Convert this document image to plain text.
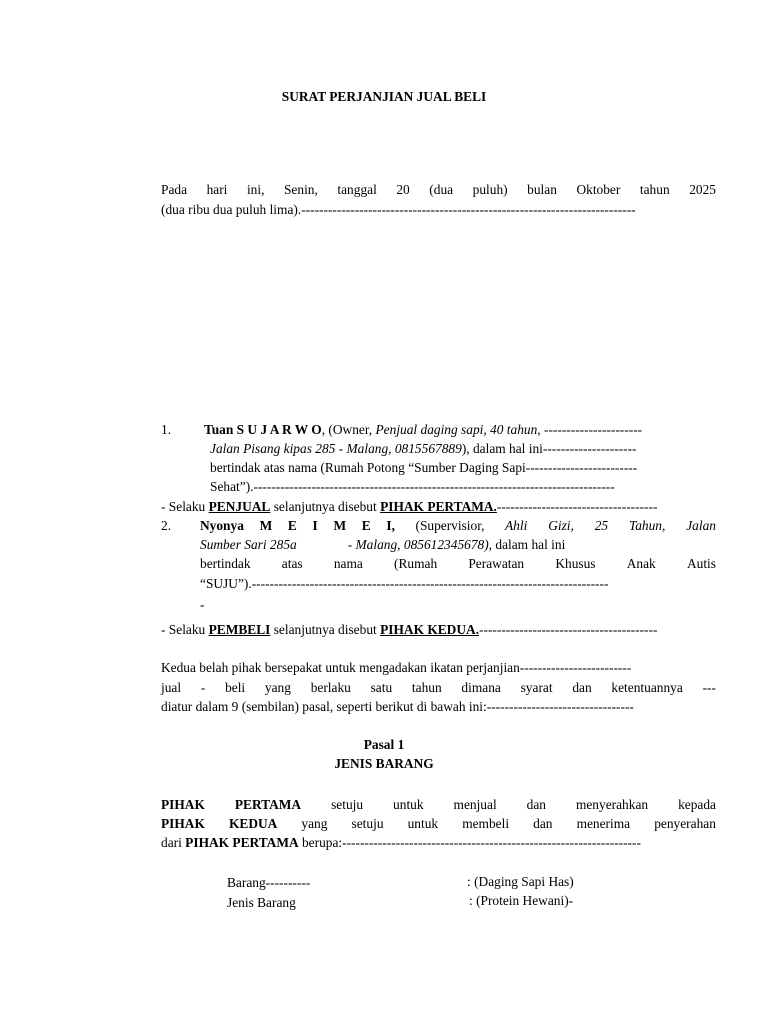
SURAT PERJANJIAN JUAL BELI
Pada hari ini, Senin, tanggal 20 (dua puluh) bulan Oktober tahun 2025
(dua ribu dua puluh lima).---------------------------------------------------------------------------
1. Tuan S U J A R W O, (Owner, Penjual daging sapi, 40 tahun, ----------------------
Jalan Pisang kipas 285 - Malang, 0815567889), dalam hal ini---------------------
bertindak atas nama (Rumah Potong “Sumber Daging Sapi-------------------------
Sehat”).---------------------------------------------------------------------------------
- Selaku PENJUAL selanjutnya disebut PIHAK PERTAMA.------------------------------------
2. Nyonya M E I M E I, (Supervisior, Ahli Gizi, 25 Tahun, Jalan
Sumber Sari 285a	- Malang, 085612345678), dalam hal ini
bertindak atas nama (Rumah Perawatan Khusus Anak Autis
“SUJU”).--------------------------------------------------------------------------------
-
- Selaku PEMBELI selanjutnya disebut PIHAK KEDUA.----------------------------------------
Kedua belah pihak bersepakat untuk mengadakan ikatan perjanjian-------------------------
jual - beli yang berlaku satu tahun dimana syarat dan ketentuannya ---
diatur dalam 9 (sembilan) pasal, seperti berikut di bawah ini:---------------------------------
Pasal 1
JENIS BARANG
PIHAK PERTAMA setuju untuk menjual dan menyerahkan kepada
PIHAK KEDUA yang setuju untuk membeli dan menerima penyerahan
dari PIHAK PERTAMA berupa:-------------------------------------------------------------------
Barang----------	: (Daging Sapi Has)
Jenis Barang	: (Protein Hewani)-
